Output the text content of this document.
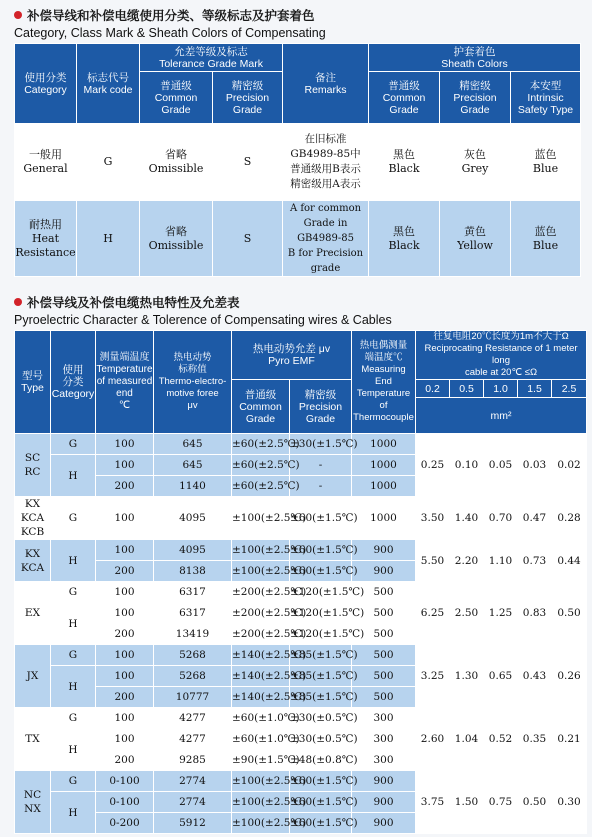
补偿导线和补偿电缆使用分类、等级标志及护套着色
Category, Class Mark & Sheath Colors of Compensating
使用分类
Category	标志代号
Mark code	允差等级及标志
Tolerance Grade Mark		备注
Remarks	护套着色
Sheath Colors		
		普通级
Common
Grade	精密级
Precision
Grade		普通级
Common
Grade	精密级
Precision
Grade	本安型
Intrinsic
Safety Type
一般用
General	G	省略
Omissible	S	在旧标准
GB4989-85中
普通级用B表示
精密级用A表示	黑色
Black	灰色
Grey	蓝色
Blue
耐热用
Heat
Resistance	H	省略
Omissible	S	A for common
Grade in GB4989-85
B for Precision
grade	黑色
Black	黄色
Yellow	蓝色
Blue
补偿导线及补偿电缆热电特性及允差表
Pyroelectric Character & Tolerence of Compensating wires & Cables
型号
Type	使用
分类
Category	测量端温度
Temperature
of measured
end
℃	热电动势
标称值
Thermo-electro-
motive foree
μv	热电动势允差 μv
Pyro EMF		热电偶测量
端温度℃
Measuring End
Temperature of
Thermocouple	往复电阻20℃长度为1m不大于Ω
Reciprocating Resistance of 1 meter long
cable at 20℃ ≤Ω				
				普通级
Common
Grade	精密级
Precision
Grade		0.2	0.5	1.0	1.5	2.5
							mm²				
SC
RC	G	100	645	±60(±2.5℃)	±30(±1.5℃)	1000	0.25	0.10	0.05	0.03	0.02
	H	100	645	±60(±2.5℃)	-	1000					
		200	1140	±60(±2.5℃)	-	1000					
KX
KCA
KCB	G	100	4095	±100(±2.5℃)	±60(±1.5℃)	1000	3.50	1.40	0.70	0.47	0.28
KX
KCA	H	100	4095	±100(±2.5℃)	±60(±1.5℃)	900	5.50	2.20	1.10	0.73	0.44
		200	8138	±100(±2.5℃)	±60(±1.5℃)	900					
EX	G	100	6317	±200(±2.5℃)	±120(±1.5℃)	500	6.25	2.50	1.25	0.83	0.50
	H	100	6317	±200(±2.5℃)	±120(±1.5℃)	500					
		200	13419	±200(±2.5℃)	±120(±1.5℃)	500					
JX	G	100	5268	±140(±2.5℃)	±85(±1.5℃)	500	3.25	1.30	0.65	0.43	0.26
	H	100	5268	±140(±2.5℃)	±85(±1.5℃)	500					
		200	10777	±140(±2.5℃)	±85(±1.5℃)	500					
TX	G	100	4277	±60(±1.0℃)	±30(±0.5℃)	300	2.60	1.04	0.52	0.35	0.21
	H	100	4277	±60(±1.0℃)	±30(±0.5℃)	300					
		200	9285	±90(±1.5℃)	±48(±0.8℃)	300					
NC
NX	G	0-100	2774	±100(±2.5℃)	±60(±1.5℃)	900	3.75	1.50	0.75	0.50	0.30
	H	0-100	2774	±100(±2.5℃)	±60(±1.5℃)	900					
		0-200	5912	±100(±2.5℃)	±60(±1.5℃)	900					
